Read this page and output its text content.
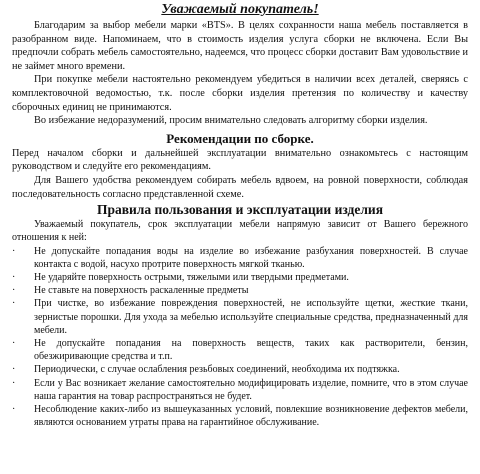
Уважаемый покупатель!

Благодарим за выбор мебели марки «BTS». В целях сохранности наша мебель поставляется в разобранном виде. Напоминаем, что в стоимость изделия услуга сборки не включена. Если Вы предпочли собрать мебель самостоятельно, надеемся, что процесс сборки доставит Вам удовольствие и не займет много времени.

При покупке мебели настоятельно рекомендуем убедиться в наличии всех деталей, сверяясь с комплектовочной ведомостью, т.к. после сборки изделия претензия по количеству и качеству сборочных единиц не принимаются.

Во избежание недоразумений, просим внимательно следовать алгоритму сборки изделия.

Рекомендации по сборке.

Перед началом сборки и дальнейшей эксплуатации внимательно ознакомьтесь с настоящим руководством и следуйте его рекомендациям.

Для Вашего удобства рекомендуем собирать мебель вдвоем, на ровной поверхности, соблюдая последовательность согласно представленной схеме.

Правила пользования и эксплуатации изделия

Уважаемый покупатель, срок эксплуатации мебели напрямую зависит от Вашего бережного отношения к ней:

· Не допускайте попадания воды на изделие во избежание разбухания поверхностей. В случае контакта с водой, насухо протрите поверхность мягкой тканью.

· Не ударяйте поверхность острыми, тяжелыми или твердыми предметами.

· Не ставьте на поверхность раскаленные предметы

· При чистке, во избежание повреждения поверхностей, не используйте щетки, жесткие ткани, зернистые порошки. Для ухода за мебелью используйте специальные средства, предназначенный для мебели.

· Не допускайте попадания на поверхность веществ, таких как растворители, бензин, обезжиривающие средства и т.п.

· Периодически, с случае ослабления резьбовых соединений, необходима их подтяжка.

· Если у Вас возникает желание самостоятельно модифицировать изделие, помните, что в этом случае наша гарантия на товар распространяться не будет.

· Несоблюдение каких-либо из вышеуказанных условий, повлекшие возникновение дефектов мебели, являются основанием утраты права на гарантийное обслуживание.
